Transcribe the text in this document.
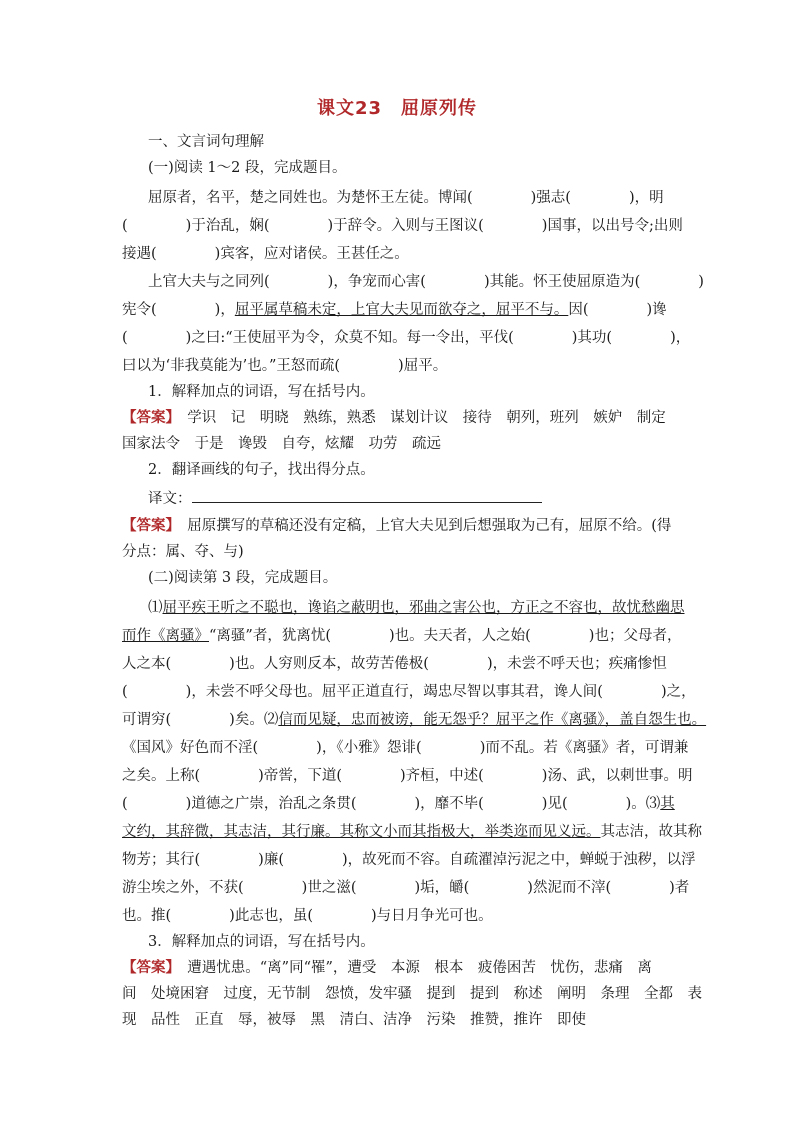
课文23　屈原列传
一、文言词句理解
(一)阅读 1～2 段，完成题目。
屈原者，名平，楚之同姓也。为楚怀王左徒。博闻(　　　　)强志(　　　　)，明
(　　　　)于治乱，娴(　　　　)于辞令。入则与王图议(　　　　)国事，以出号令;出则
接遇(　　　　)宾客，应对诸侯。王甚任之。
上官大夫与之同列(　　　　)，争宠而心害(　　　　)其能。怀王使屈原造为(　　　　)
宪令(　　　　)，屈平属草稿未定，上官大夫见而欲夺之，屈平不与。因(　　　　)谗
(　　　　)之曰:“王使屈平为令，众莫不知。每一令出，平伐(　　　　)其功(　　　　)，
曰以为‘非我莫能为’也。”王怒而疏(　　　　)屈平。
1．解释加点的词语，写在括号内。
【答案】　学识　记　明晓　熟练，熟悉　谋划计议　接待　朝列，班列　嫉妒　制定
国家法令　于是　谗毁　自夸，炫耀　功劳　疏远
2．翻译画线的句子，找出得分点。
译文：
【答案】　屈原撰写的草稿还没有定稿，上官大夫见到后想强取为己有，屈原不给。(得
分点：属、夺、与)
(二)阅读第 3 段，完成题目。
⑴屈平疾王听之不聪也，谗谄之蔽明也，邪曲之害公也，方正之不容也，故忧愁幽思
而作《离骚》“离骚”者，犹离忧(　　　　)也。夫天者，人之始(　　　　)也；父母者，
人之本(　　　　)也。人穷则反本，故劳苦倦极(　　　　)，未尝不呼天也；疾痛惨怛
(　　　　)，未尝不呼父母也。屈平正道直行，竭忠尽智以事其君，谗人间(　　　　)之，
可谓穷(　　　　)矣。⑵信而见疑，忠而被谤，能无怨乎？屈平之作《离骚》，盖自怨生也。
《国风》好色而不淫(　　　　)，《小雅》怨诽(　　　　)而不乱。若《离骚》者，可谓兼
之矣。上称(　　　　)帝喾，下道(　　　　)齐桓，中述(　　　　)汤、武，以刺世事。明
(　　　　)道德之广崇，治乱之条贯(　　　　)，靡不毕(　　　　)见(　　　　)。⑶其
文约，其辞微，其志洁，其行廉。其称文小而其指极大，举类迩而见义远。其志洁，故其称
物芳；其行(　　　　)廉(　　　　)，故死而不容。自疏濯淖污泥之中，蝉蜕于浊秽，以浮
游尘埃之外，不获(　　　　)世之滋(　　　　)垢，皭(　　　　)然泥而不滓(　　　　)者
也。推(　　　　)此志也，虽(　　　　)与日月争光可也。
3．解释加点的词语，写在括号内。
【答案】　遭遇忧患。“离”同“罹”，遭受　本源　根本　疲倦困苦　忧伤，悲痛　离
间　处境困窘　过度，无节制　怨愤，发牢骚　提到　提到　称述　阐明　条理　全都　表
现　品性　正直　辱，被辱　黑　清白、洁净　污染　推赞，推许　即使
